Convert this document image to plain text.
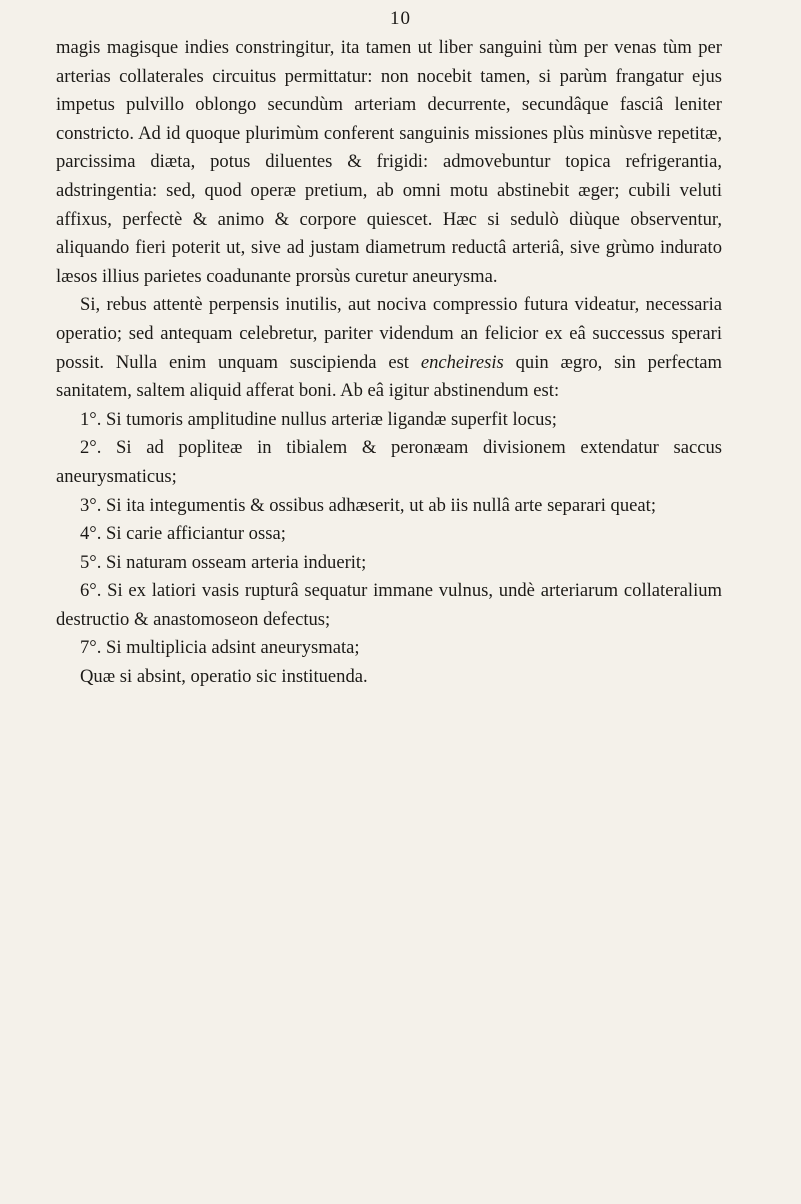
10

magis magisque indies constringitur, ita tamen ut liber sanguini tùm per venas tùm per arterias collaterales circuitus permittatur: non nocebit tamen, si parùm frangatur ejus impetus pulvillo oblongo secundùm arteriam decurrente, secundâque fasciâ leniter constricto. Ad id quoque plurimùm conferent sanguinis missiones plùs minùsve repetitæ, parcissima diæta, potus diluentes & frigidi: admovebuntur topica refrigerantia, adstringentia: sed, quod operæ pretium, ab omni motu abstinebit æger; cubili veluti affixus, perfectè & animo & corpore quiescet. Hæc si sedulò diùque observentur, aliquando fieri poterit ut, sive ad justam diametrum reductâ arteriâ, sive grùmo indurato læsos illius parietes coadunante prorsùs curetur aneurysma.

Si, rebus attentè perpensis inutilis, aut nociva compressio futura videatur, necessaria operatio; sed antequam celebretur, pariter videndum an felicior ex eâ successus sperari possit. Nulla enim unquam suscipienda est encheiresis quin ægro, sin perfectam sanitatem, saltem aliquid afferat boni. Ab eâ igitur abstinendum est:

1°. Si tumoris amplitudine nullus arteriæ ligandæ superfit locus;

2°. Si ad popliteæ in tibialem & peronæam divisionem extendatur saccus aneurysmaticus;

3°. Si ita integumentis & ossibus adhæserit, ut ab iis nullâ arte separari queat;

4°. Si carie afficiantur ossa;

5°. Si naturam osseam arteria induerit;

6°. Si ex latiori vasis rupturâ sequatur immane vulnus, undè arteriarum collateralium destructio & anastomoseon defectus;

7°. Si multiplicia adsint aneurysmata;

Quæ si absint, operatio sic instituenda.
